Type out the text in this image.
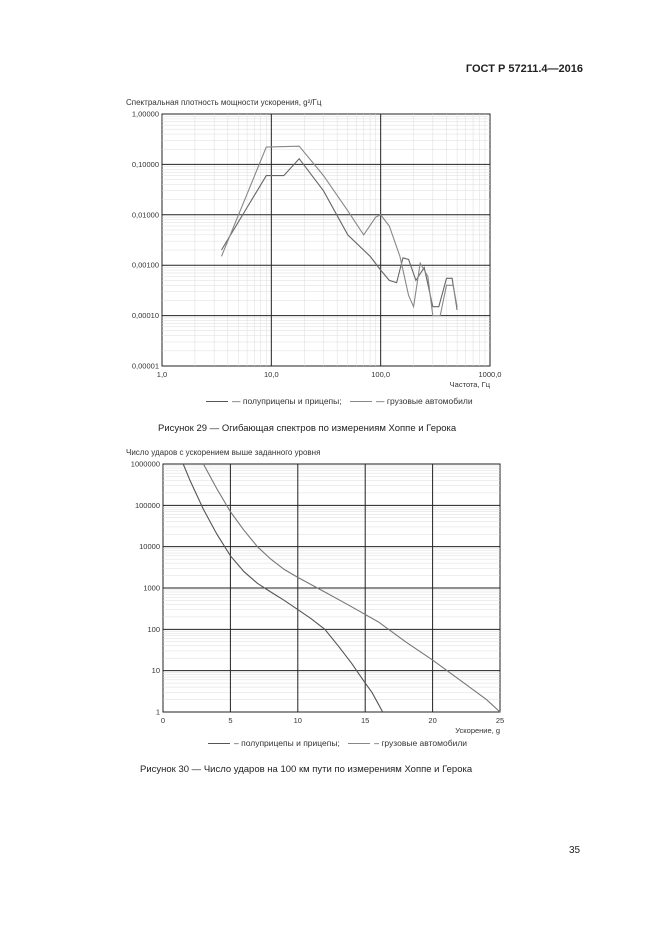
ГОСТ Р 57211.4—2016
Спектральная плотность мощности ускорения, g²/Гц
0,00001
0,00010
0,00100
0,01000
0,10000
1,00000
1,0	10,0	100,0	1000,0
Частота, Гц
— полуприцепы и прицепы;	— грузовые автомобили
Рисунок 29 — Огибающая спектров по измерениям Хоппе и Герока
Число ударов с ускорением выше заданного уровня
1
10
100
1000
10000
100000
1000000
0	5	10	15	20	25
Ускорение, g
– полуприцепы и прицепы;	– грузовые автомобили
Рисунок 30 — Число ударов на 100 км пути по измерениям Хоппе и Герока
35
